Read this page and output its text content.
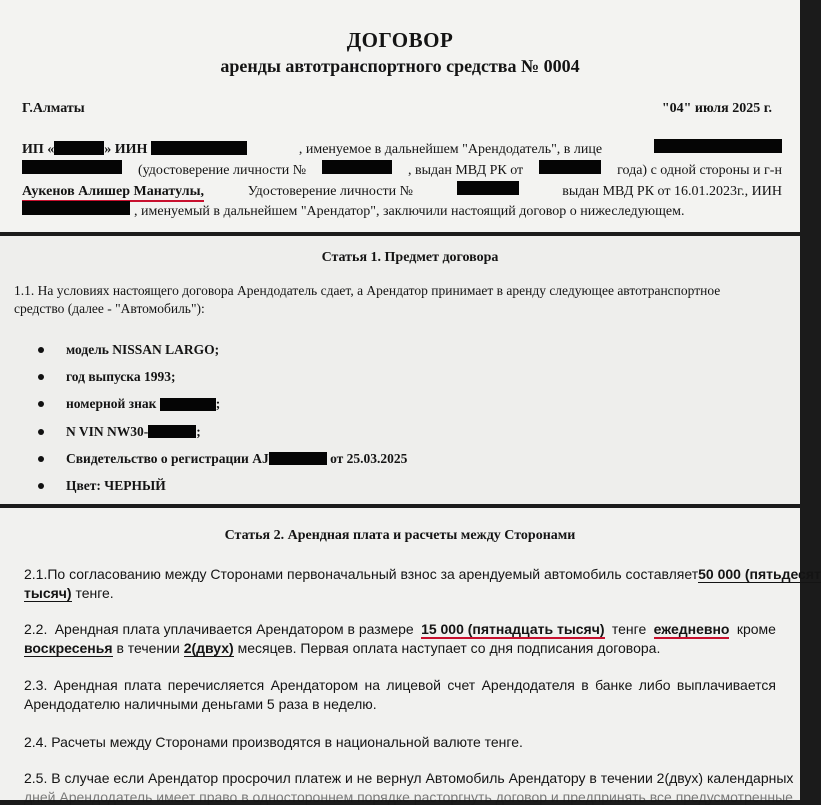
ДОГОВОР
аренды автотранспортного средства № 0004
Г.Алматы	"04" июля 2025 г.
ИП «	» ИИН	, именуемое в дальнейшем "Арендодатель", в лице
(удостоверение личности №	, выдан МВД РК от	года) с одной стороны и г-н
Аукенов Алишер Манатулы,	Удостоверение личности №	выдан МВД РК от 16.01.2023г., ИИН
, именуемый в дальнейшем "Арендатор", заключили настоящий договор о нижеследующем.
Статья 1. Предмет договора
1.1. На условиях настоящего договора Арендодатель сдает, а Арендатор принимает в аренду следующее автотранспортное
средство (далее - "Автомобиль"):
модель NISSAN LARGO;
год выпуска 1993;
номерной знак
	;
N VIN NW30-	;
Свидетельство о регистрации AJ
	от 25.03.2025
Цвет: ЧЕРНЫЙ
Статья 2. Арендная плата и расчеты между Сторонами
2.1. По согласованию между Сторонами первоначальный взнос за арендуемый автомобиль составляет 50 000 (пятьдесят
тысяч) тенге.
2.2. Арендная плата уплачивается Арендатором в размере 15 000 (пятнадцать тысяч) тенге ежедневно кроме
воскресенья в течении 2(двух) месяцев. Первая оплата наступает со дня подписания договора.
2.3. Арендная плата перечисляется Арендатором на лицевой счет Арендодателя в банке либо выплачивается
Арендодателю наличными деньгами 5 раза в неделю.
2.4. Расчеты между Сторонами производятся в национальной валюте тенге.
2.5. В случае если Арендатор просрочил платеж и не вернул Автомобиль Арендатору в течении 2(двух) календарных
дней Арендодатель имеет право в одностороннем порядке расторгнуть договор и предпринять все предусмотренные
